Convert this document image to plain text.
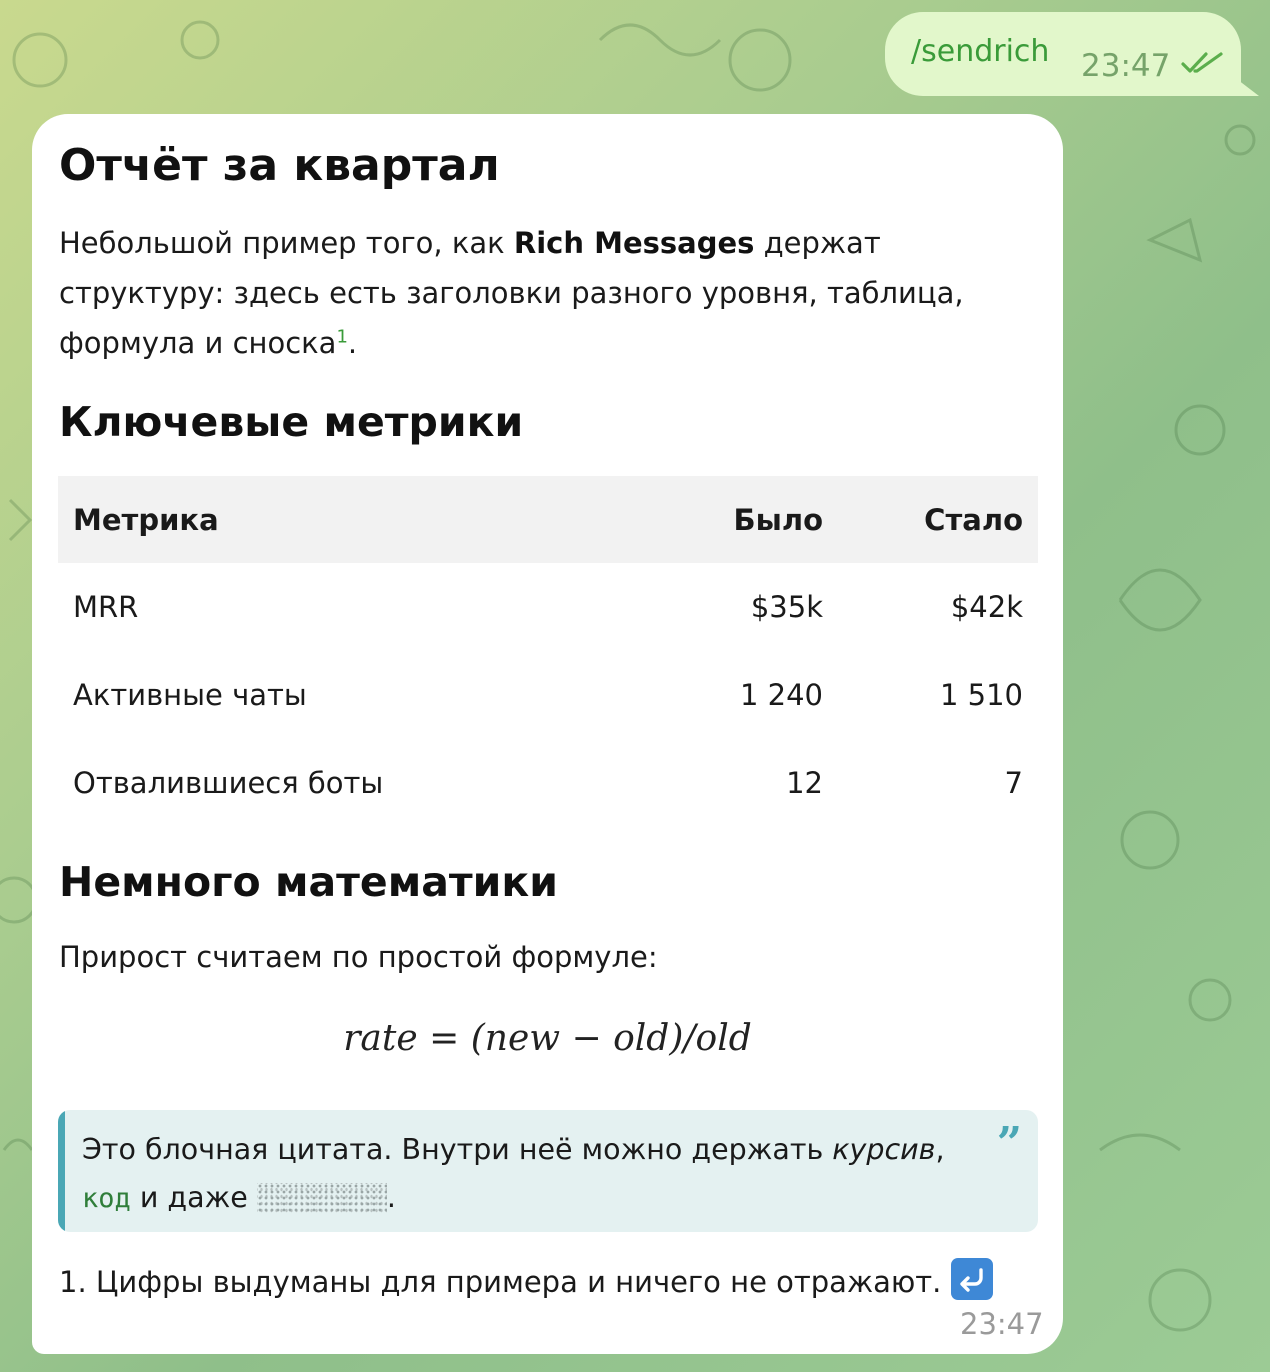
/sendrich 23:47
Отчёт за квартал

Небольшой пример того, как Rich Messages держат структуру: здесь есть заголовки разного уровня, таблица, формула и сноска$^1$.

Ключевые метрики
Метрика	Было	Стало
MRR	$35k	$42k
Активные чаты	1 240	1 510
Отвалившиеся боты	12	7
Немного математики

Прирост считаем по простой формуле:

rate = (new − old)/old
Это блочная цитата. Внутри неё можно держать курсив,
код и даже	.
”
1. Цифры выдуманы для примера и ничего не отражают.
23:47
